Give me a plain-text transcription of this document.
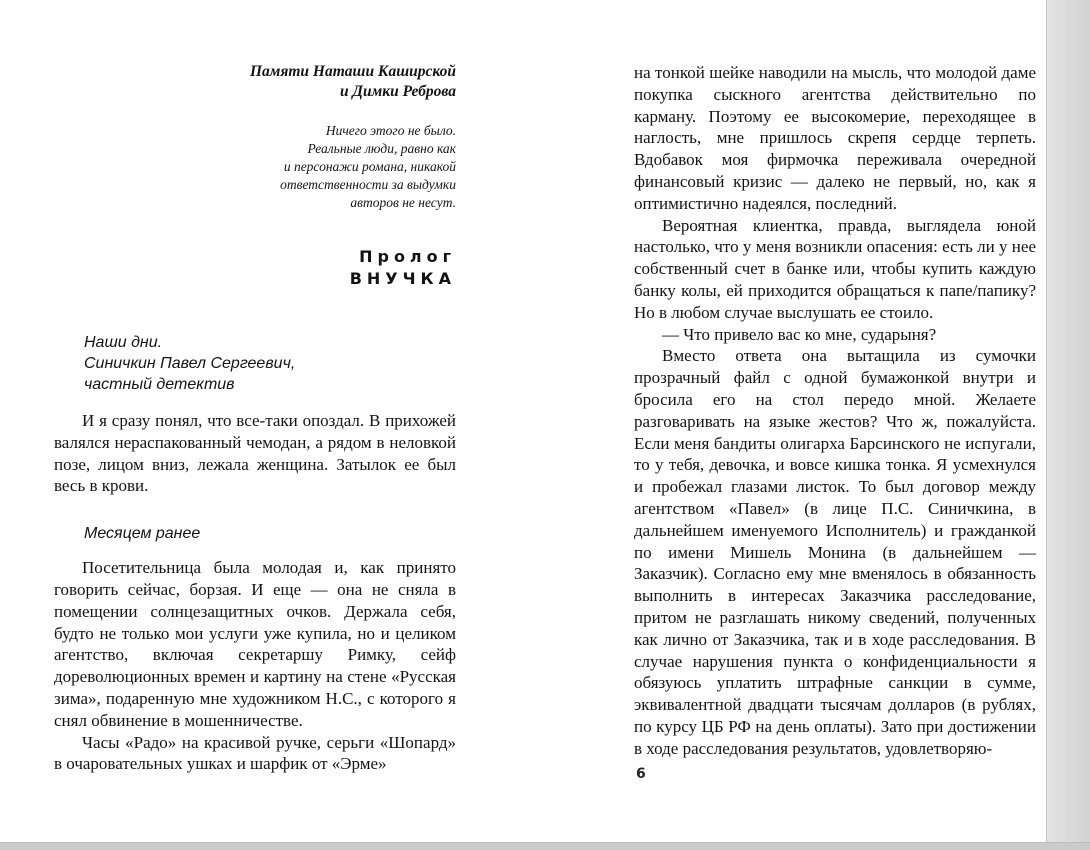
Памяти Наташи Каширской
и Димки Реброва
Ничего этого не было.
Реальные люди, равно как
и персонажи романа, никакой
ответственности за выдумки
авторов не несут.
Пролог
ВНУЧКА
Наши дни.
Синичкин Павел Сергеевич,
частный детектив

И я сразу понял, что все-таки опоздал. В прихожей валялся нераспакованный чемодан, а рядом в неловкой позе, лицом вниз, лежала женщина. Затылок ее был весь в крови.

Месяцем ранее

Посетительница была молодая и, как принято говорить сейчас, борзая. И еще — она не сняла в помещении солнцезащитных очков. Держала себя, будто не только мои услуги уже купила, но и целиком агентство, включая секретаршу Римку, сейф дореволюционных времен и картину на стене «Русская зима», подаренную мне художником Н.С., с которого я снял обвинение в мошенничестве.

Часы «Радо» на красивой ручке, серьги «Шопард» в очаровательных ушках и шарфик от «Эрме»

на тонкой шейке наводили на мысль, что молодой даме покупка сыскного агентства действительно по карману. Поэтому ее высокомерие, переходящее в наглость, мне пришлось скрепя сердце терпеть. Вдобавок моя фирмочка переживала очередной финансовый кризис — далеко не первый, но, как я оптимистично надеялся, последний.

Вероятная клиентка, правда, выглядела юной настолько, что у меня возникли опасения: есть ли у нее собственный счет в банке или, чтобы купить каждую банку колы, ей приходится обращаться к папе/папику? Но в любом случае выслушать ее стоило.

— Что привело вас ко мне, сударыня?

Вместо ответа она вытащила из сумочки прозрачный файл с одной бумажонкой внутри и бросила его на стол передо мной. Желаете разговаривать на языке жестов? Что ж, пожалуйста. Если меня бандиты олигарха Барсинского не испугали, то у тебя, девочка, и вовсе кишка тонка. Я усмехнулся и пробежал глазами листок. То был договор между агентством «Павел» (в лице П.С. Синичкина, в дальнейшем именуемого Исполнитель) и гражданкой по имени Мишель Монина (в дальнейшем — Заказчик). Согласно ему мне вменялось в обязанность выполнить в интересах Заказчика расследование, притом не разглашать никому сведений, полученных как лично от Заказчика, так и в ходе расследования. В случае нарушения пункта о конфиденциальности я обязуюсь уплатить штрафные санкции в сумме, эквивалентной двадцати тысячам долларов (в рублях, по курсу ЦБ РФ на день оплаты). Зато при достижении в ходе расследования результатов, удовлетворяю-

6
